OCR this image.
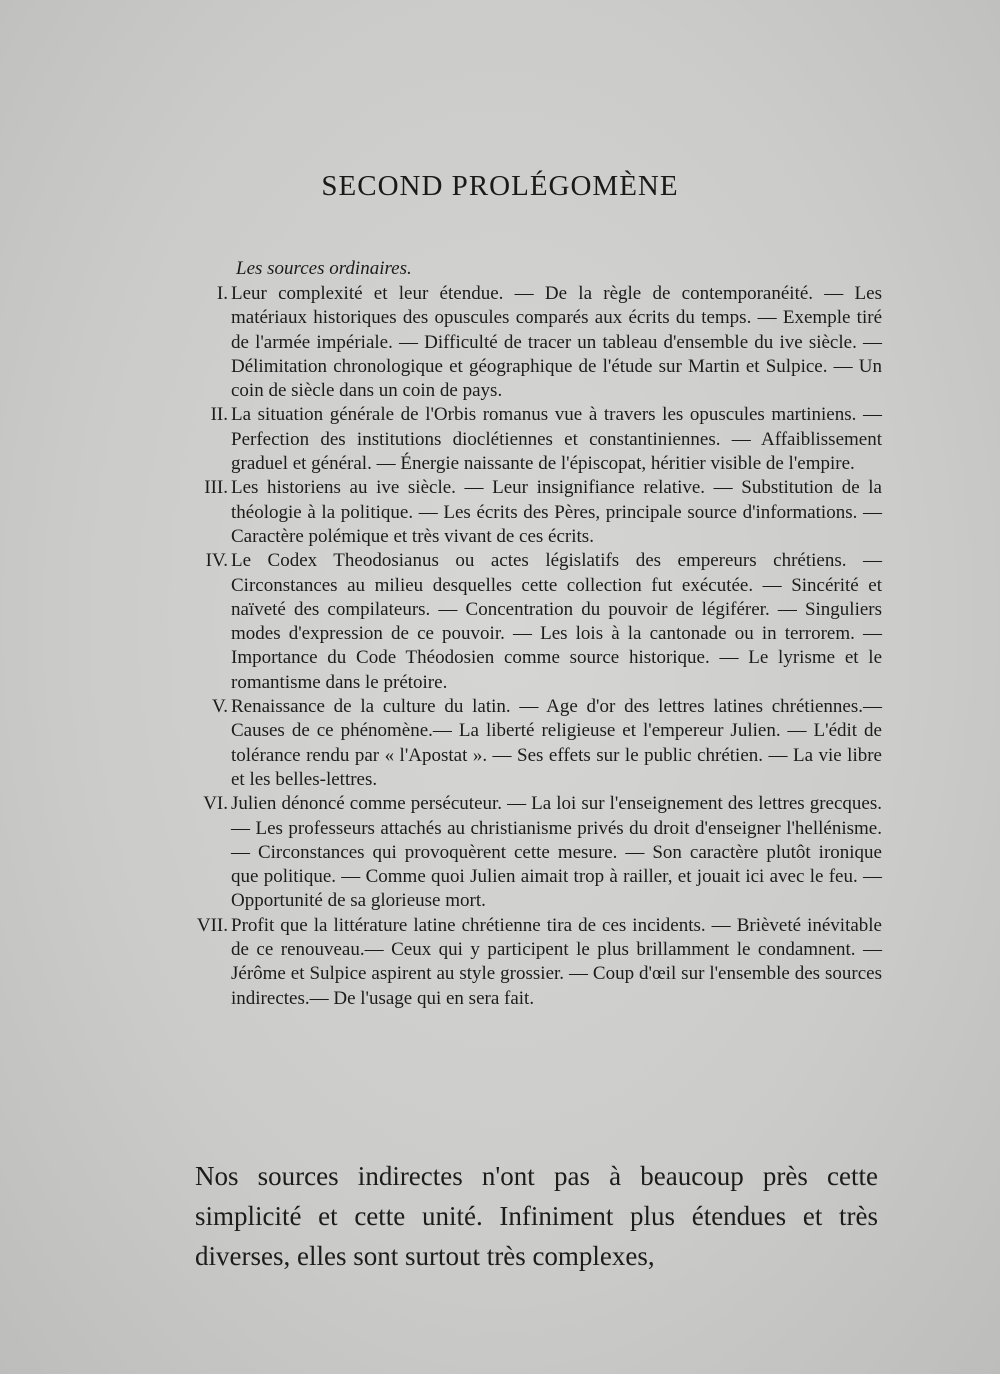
SECOND PROLÉGOMÈNE
Les sources ordinaires.
I. Leur complexité et leur étendue. — De la règle de contemporanéité. — Les matériaux historiques des opuscules comparés aux écrits du temps. — Exemple tiré de l'armée impériale. — Difficulté de tracer un tableau d'ensemble du ive siècle. — Délimitation chronologique et géographique de l'étude sur Martin et Sulpice. — Un coin de siècle dans un coin de pays.
II. La situation générale de l'Orbis romanus vue à travers les opuscules martiniens. — Perfection des institutions dioclétiennes et constantiniennes. — Affaiblissement graduel et général. — Énergie naissante de l'épiscopat, héritier visible de l'empire.
III. Les historiens au ive siècle. — Leur insignifiance relative. — Substitution de la théologie à la politique. — Les écrits des Pères, principale source d'informations. — Caractère polémique et très vivant de ces écrits.
IV. Le Codex Theodosianus ou actes législatifs des empereurs chrétiens. — Circonstances au milieu desquelles cette collection fut exécutée. — Sincérité et naïveté des compilateurs. — Concentration du pouvoir de légiférer. — Singuliers modes d'expression de ce pouvoir. — Les lois à la cantonade ou in terrorem. — Importance du Code Théodosien comme source historique. — Le lyrisme et le romantisme dans le prétoire.
V. Renaissance de la culture du latin. — Age d'or des lettres latines chrétiennes.— Causes de ce phénomène.— La liberté religieuse et l'empereur Julien. — L'édit de tolérance rendu par « l'Apostat ». — Ses effets sur le public chrétien. — La vie libre et les belles-lettres.
VI. Julien dénoncé comme persécuteur. — La loi sur l'enseignement des lettres grecques. — Les professeurs attachés au christianisme privés du droit d'enseigner l'hellénisme. — Circonstances qui provoquèrent cette mesure. — Son caractère plutôt ironique que politique. — Comme quoi Julien aimait trop à railler, et jouait ici avec le feu. — Opportunité de sa glorieuse mort.
VII. Profit que la littérature latine chrétienne tira de ces incidents. — Brièveté inévitable de ce renouveau.— Ceux qui y participent le plus brillamment le condamnent. — Jérôme et Sulpice aspirent au style grossier. — Coup d'œil sur l'ensemble des sources indirectes.— De l'usage qui en sera fait.
Nos sources indirectes n'ont pas à beaucoup près cette simplicité et cette unité. Infiniment plus étendues et très diverses, elles sont surtout très complexes,
